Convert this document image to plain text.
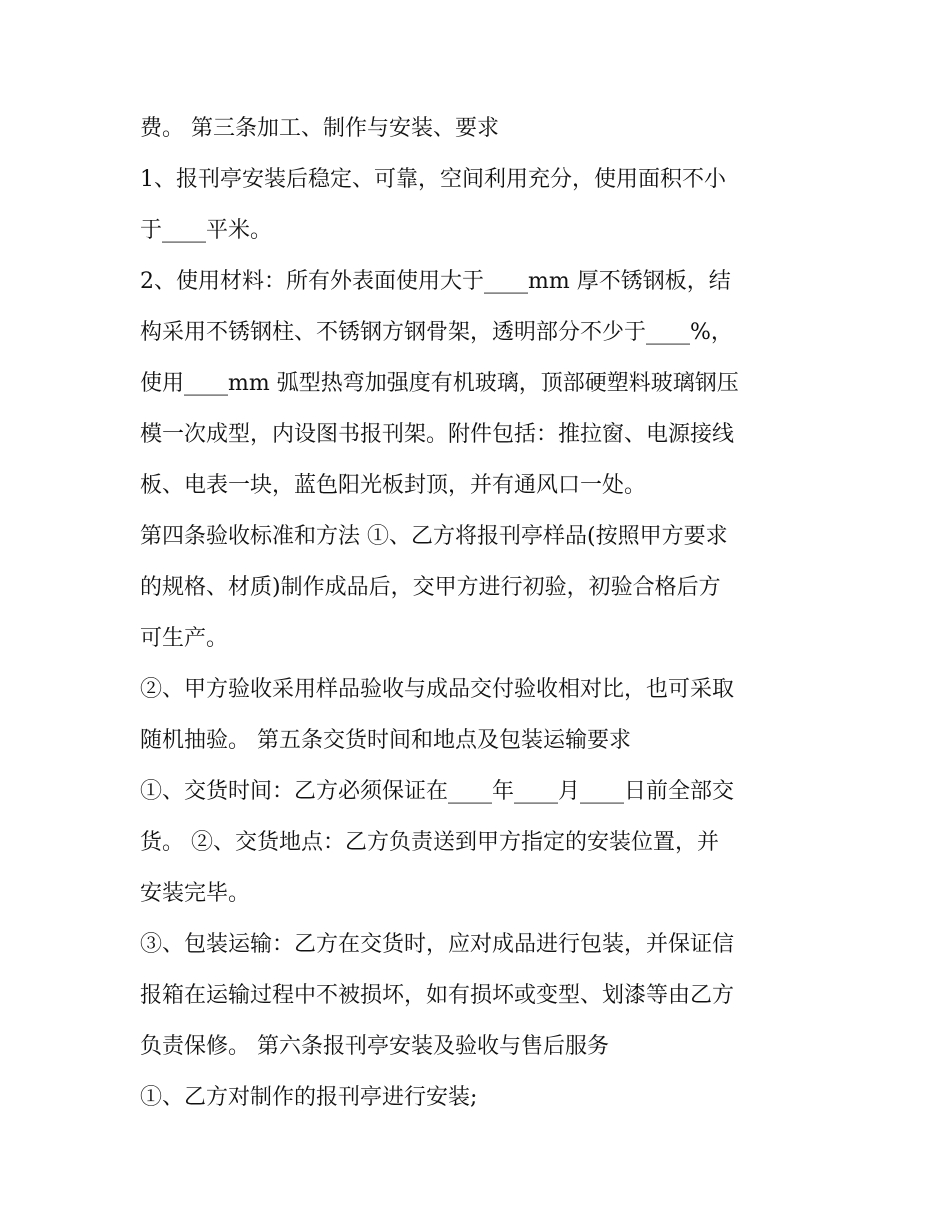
费。 第三条加工、制作与安装、要求
1、报刊亭安装后稳定、可靠，空间利用充分，使用面积不小
于____平米。
2、使用材料：所有外表面使用大于____mm 厚不锈钢板，结
构采用不锈钢柱、不锈钢方钢骨架，透明部分不少于____%，
使用____mm 弧型热弯加强度有机玻璃，顶部硬塑料玻璃钢压
模一次成型，内设图书报刊架。附件包括：推拉窗、电源接线
板、电表一块，蓝色阳光板封顶，并有通风口一处。
第四条验收标准和方法 ①、乙方将报刊亭样品(按照甲方要求
的规格、材质)制作成品后，交甲方进行初验，初验合格后方
可生产。
②、甲方验收采用样品验收与成品交付验收相对比，也可采取
随机抽验。 第五条交货时间和地点及包装运输要求
①、交货时间：乙方必须保证在____年____月____日前全部交
货。 ②、交货地点：乙方负责送到甲方指定的安装位置，并
安装完毕。
③、包装运输：乙方在交货时，应对成品进行包装，并保证信
报箱在运输过程中不被损坏，如有损坏或变型、划漆等由乙方
负责保修。 第六条报刊亭安装及验收与售后服务
①、乙方对制作的报刊亭进行安装;
